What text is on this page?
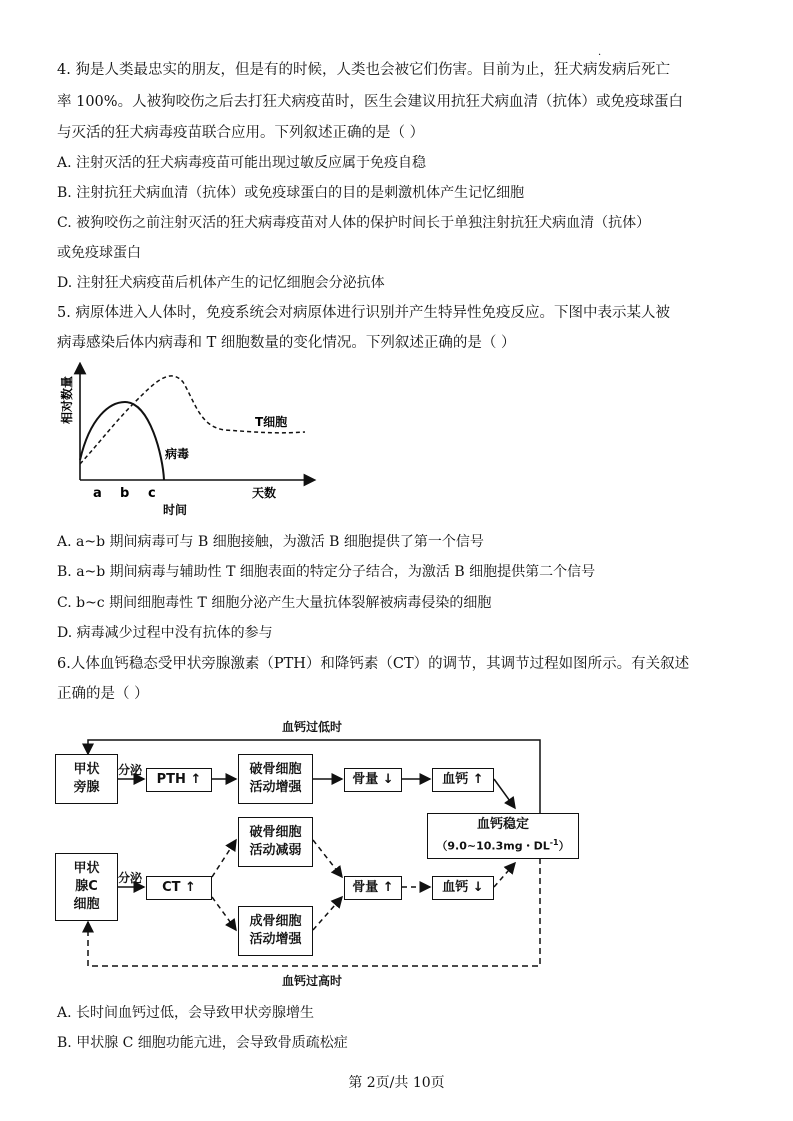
·
4. 狗是人类最忠实的朋友，但是有的时候，人类也会被它们伤害。目前为止，狂犬病发病后死亡
率 100%。人被狗咬伤之后去打狂犬病疫苗时，医生会建议用抗狂犬病血清（抗体）或免疫球蛋白
与灭活的狂犬病毒疫苗联合应用。下列叙述正确的是（ ）
A. 注射灭活的狂犬病毒疫苗可能出现过敏反应属于免疫自稳
B. 注射抗狂犬病血清（抗体）或免疫球蛋白的目的是刺激机体产生记忆细胞
C. 被狗咬伤之前注射灭活的狂犬病毒疫苗对人体的保护时间长于单独注射抗狂犬病血清（抗体）
或免疫球蛋白
D. 注射狂犬病疫苗后机体产生的记忆细胞会分泌抗体
5. 病原体进入人体时，免疫系统会对病原体进行识别并产生特异性免疫反应。下图中表示某人被
病毒感染后体内病毒和 T 细胞数量的变化情况。下列叙述正确的是（ ）
a b c
时间
天数
病毒
T细胞
相对数量
A. a~b 期间病毒可与 B 细胞接触，为激活 B 细胞提供了第一个信号
B. a~b 期间病毒与辅助性 T 细胞表面的特定分子结合，为激活 B 细胞提供第二个信号
C. b~c 期间细胞毒性 T 细胞分泌产生大量抗体裂解被病毒侵染的细胞
D. 病毒减少过程中没有抗体的参与
6.人体血钙稳态受甲状旁腺激素（PTH）和降钙素（CT）的调节，其调节过程如图所示。有关叙述
正确的是（ ）
血钙过低时
血钙过高时
甲状
旁腺
分泌
PTH ↑
破骨细胞
活动增强
骨量 ↓	血钙 ↑
血钙稳定
（9.0~10.3mg・$DL^{-1}$）
破骨细胞
活动减弱
甲状
腺C
细胞
分泌
CT ↑	骨量 ↑	血钙 ↓
成骨细胞
活动增强
A. 长时间血钙过低，会导致甲状旁腺增生
B. 甲状腺 C 细胞功能亢进，会导致骨质疏松症
第 2页/共 10页
